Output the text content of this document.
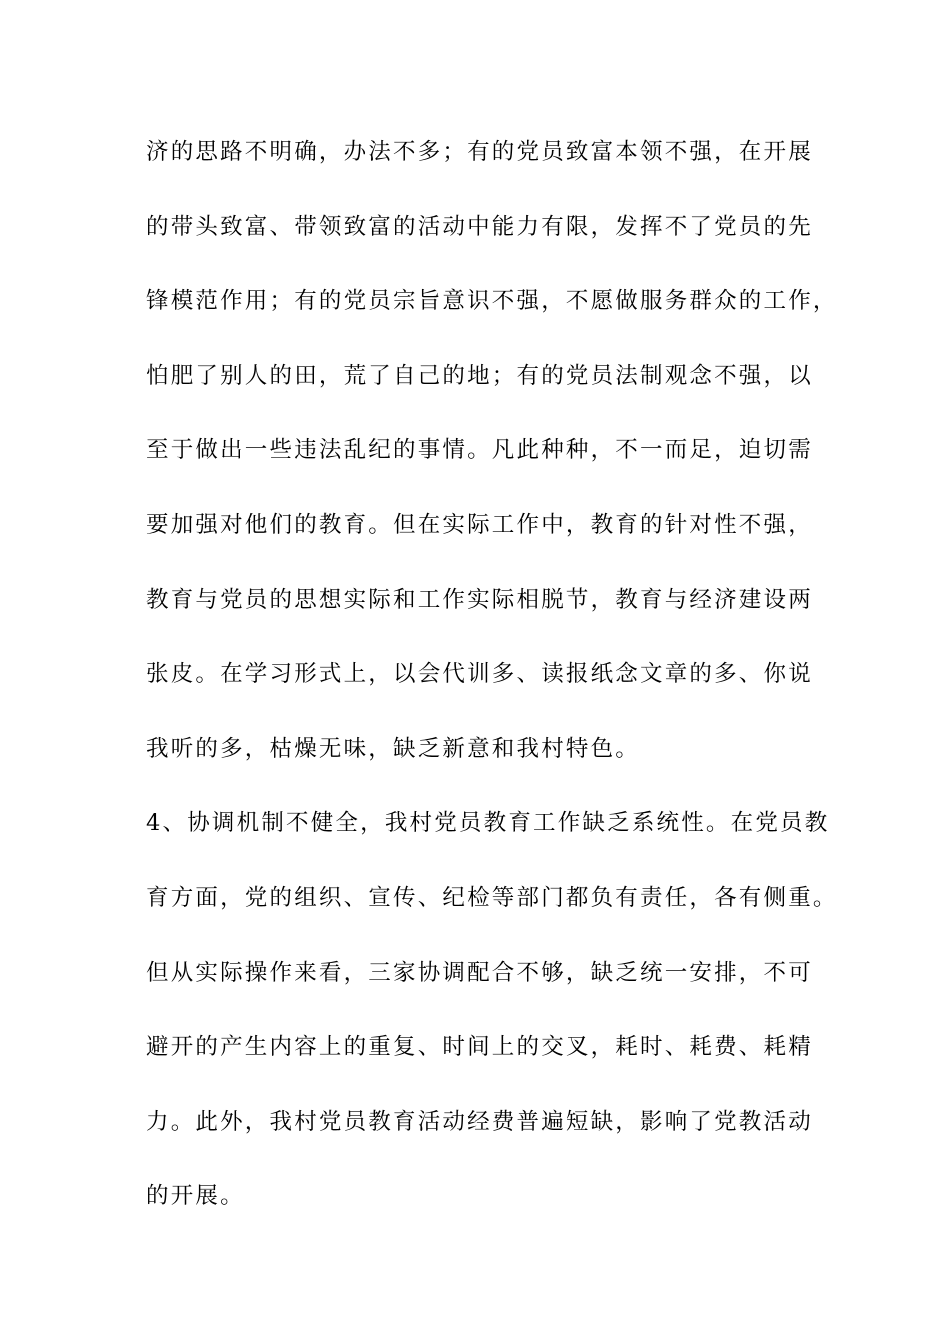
济的思路不明确，办法不多；有的党员致富本领不强，在开展
的带头致富、带领致富的活动中能力有限，发挥不了党员的先
锋模范作用；有的党员宗旨意识不强，不愿做服务群众的工作，
怕肥了别人的田，荒了自己的地；有的党员法制观念不强，以
至于做出一些违法乱纪的事情。凡此种种，不一而足，迫切需
要加强对他们的教育。但在实际工作中，教育的针对性不强，
教育与党员的思想实际和工作实际相脱节，教育与经济建设两
张皮。在学习形式上，以会代训多、读报纸念文章的多、你说
我听的多，枯燥无味，缺乏新意和我村特色。
4、协调机制不健全，我村党员教育工作缺乏系统性。在党员教
育方面，党的组织、宣传、纪检等部门都负有责任，各有侧重。
但从实际操作来看，三家协调配合不够，缺乏统一安排，不可
避开的产生内容上的重复、时间上的交叉，耗时、耗费、耗精
力。此外，我村党员教育活动经费普遍短缺，影响了党教活动
的开展。
